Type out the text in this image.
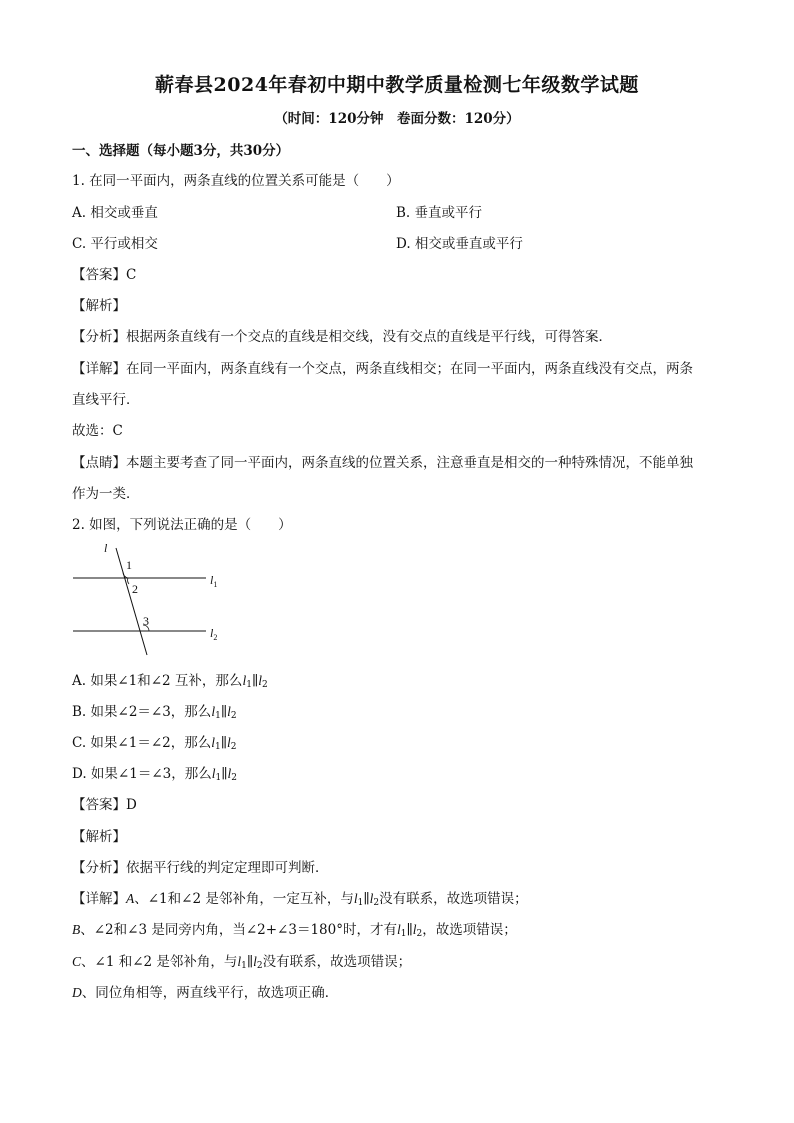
蕲春县2024年春初中期中教学质量检测七年级数学试题
（时间：120分钟　卷面分数：120分）
一、选择题（每小题3分，共30分）
1. 在同一平面内，两条直线的位置关系可能是（　　）
A. 相交或垂直	B. 垂直或平行
C. 平行或相交	D. 相交或垂直或平行
【答案】C
【解析】
【分析】根据两条直线有一个交点的直线是相交线，没有交点的直线是平行线，可得答案．
【详解】在同一平面内，两条直线有一个交点，两条直线相交；在同一平面内，两条直线没有交点，两条
直线平行．
故选：C
【点睛】本题主要考查了同一平面内，两条直线的位置关系，注意垂直是相交的一种特殊情况，不能单独
作为一类．
2. 如图，下列说法正确的是（　　）
l
1
2
3
$l_1$
$l_2$
A. 如果∠1和∠2 互补，那么$l_1\parallel l_2$
B. 如果∠2＝∠3，那么$l_1\parallel l_2$
C. 如果∠1＝∠2，那么$l_1\parallel l_2$
D. 如果∠1＝∠3，那么$l_1\parallel l_2$
【答案】D
【解析】
【分析】依据平行线的判定定理即可判断．
【详解】A、∠1和∠2 是邻补角，一定互补，与$l_1\parallel l_2$没有联系，故选项错误；
B、∠2和∠3 是同旁内角，当∠2+∠3＝180°时，才有$l_1\parallel l_2$，故选项错误；
C、∠1 和∠2 是邻补角，与$l_1\parallel l_2$没有联系，故选项错误；
D、同位角相等，两直线平行，故选项正确．
